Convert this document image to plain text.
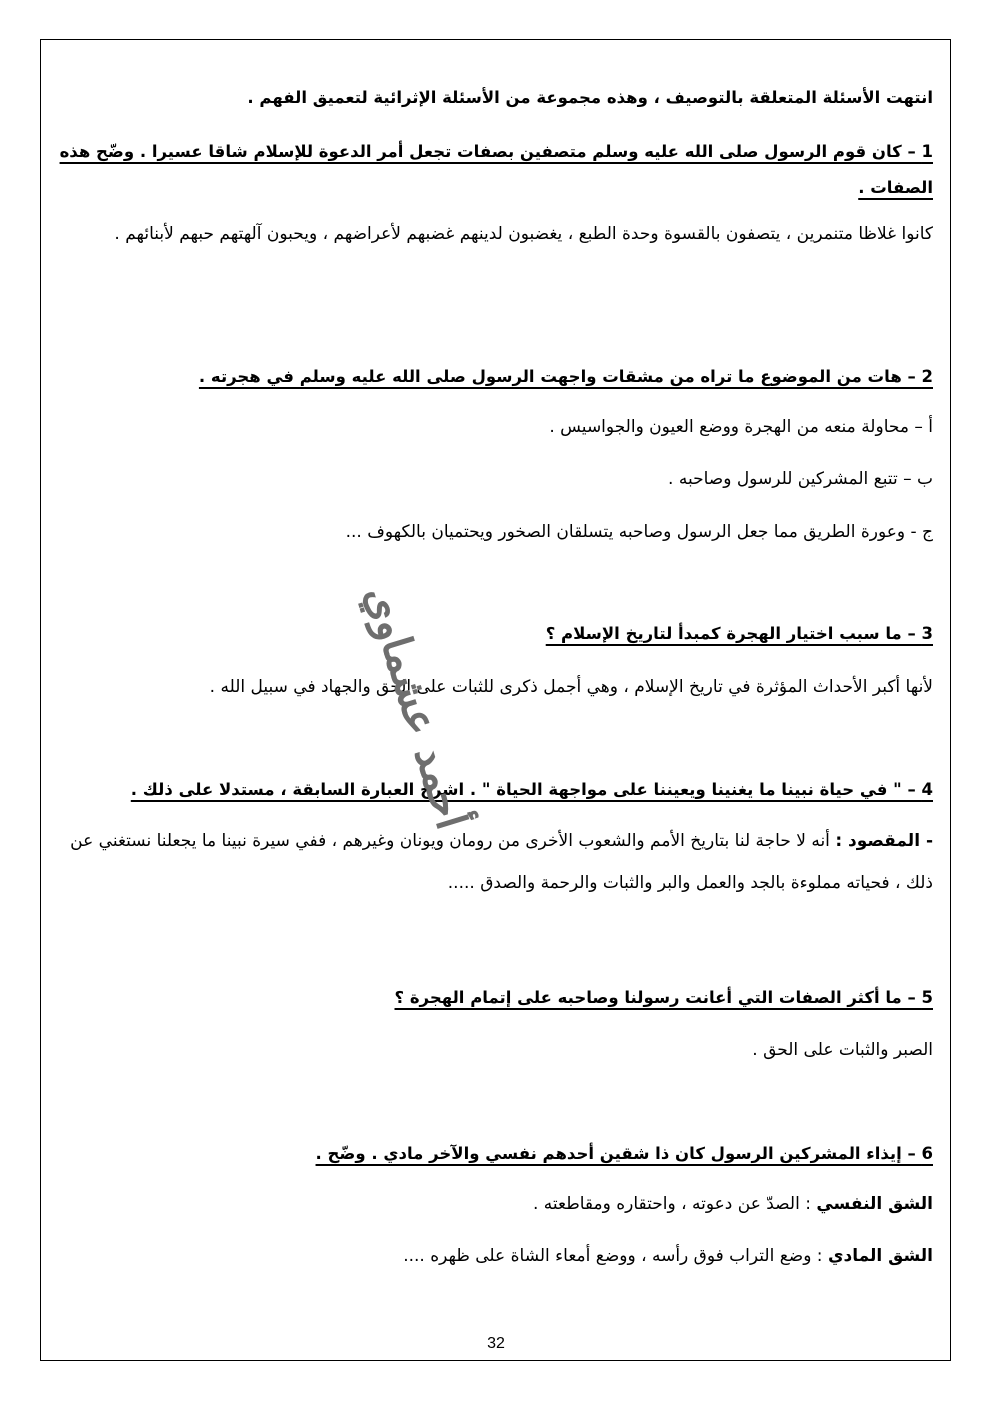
انتهت الأسئلة المتعلقة بالتوصيف ، وهذه مجموعة من الأسئلة الإثرائية لتعميق الفهم .
1 – كان قوم الرسول صلى الله عليه وسلم متصفين بصفات تجعل أمر الدعوة للإسلام شاقا عسيرا . وضّح هذه الصفات .
كانوا غلاظا متنمرين ، يتصفون بالقسوة وحدة الطبع ، يغضبون لدينهم غضبهم لأعراضهم ، ويحبون آلهتهم حبهم لأبنائهم .
2 – هات من الموضوع ما تراه من مشقات واجهت الرسول صلى الله عليه وسلم في هجرته .
أ – محاولة منعه من الهجرة ووضع العيون والجواسيس .
ب – تتبع المشركين للرسول وصاحبه .
ج - وعورة الطريق مما جعل الرسول وصاحبه يتسلقان الصخور ويحتميان بالكهوف ...
3 – ما سبب اختيار الهجرة كمبدأ لتاريخ الإسلام ؟
لأنها أكبر الأحداث المؤثرة في تاريخ الإسلام ، وهي أجمل ذكرى للثبات على الحق والجهاد في سبيل الله .
4 – " في حياة نبينا ما يغنينا ويعيننا على مواجهة الحياة " . اشرح العبارة السابقة ، مستدلا على ذلك .
- المقصود : أنه لا حاجة لنا بتاريخ الأمم والشعوب الأخرى من رومان ويونان وغيرهم ، ففي سيرة نبينا ما يجعلنا نستغني عن ذلك ، فحياته مملوءة بالجد والعمل والبر والثبات والرحمة والصدق .....
5 – ما أكثر الصفات التي أعانت رسولنا وصاحبه على إتمام الهجرة ؟
الصبر والثبات على الحق .
6 – إيذاء المشركين الرسول كان ذا شقين أحدهم نفسي والآخر مادي . وضّح .
الشق النفسي : الصدّ عن دعوته ، واحتقاره ومقاطعته .
الشق المادي : وضع التراب فوق رأسه ، ووضع أمعاء الشاة على ظهره ....
أحمد عشماوي
32
